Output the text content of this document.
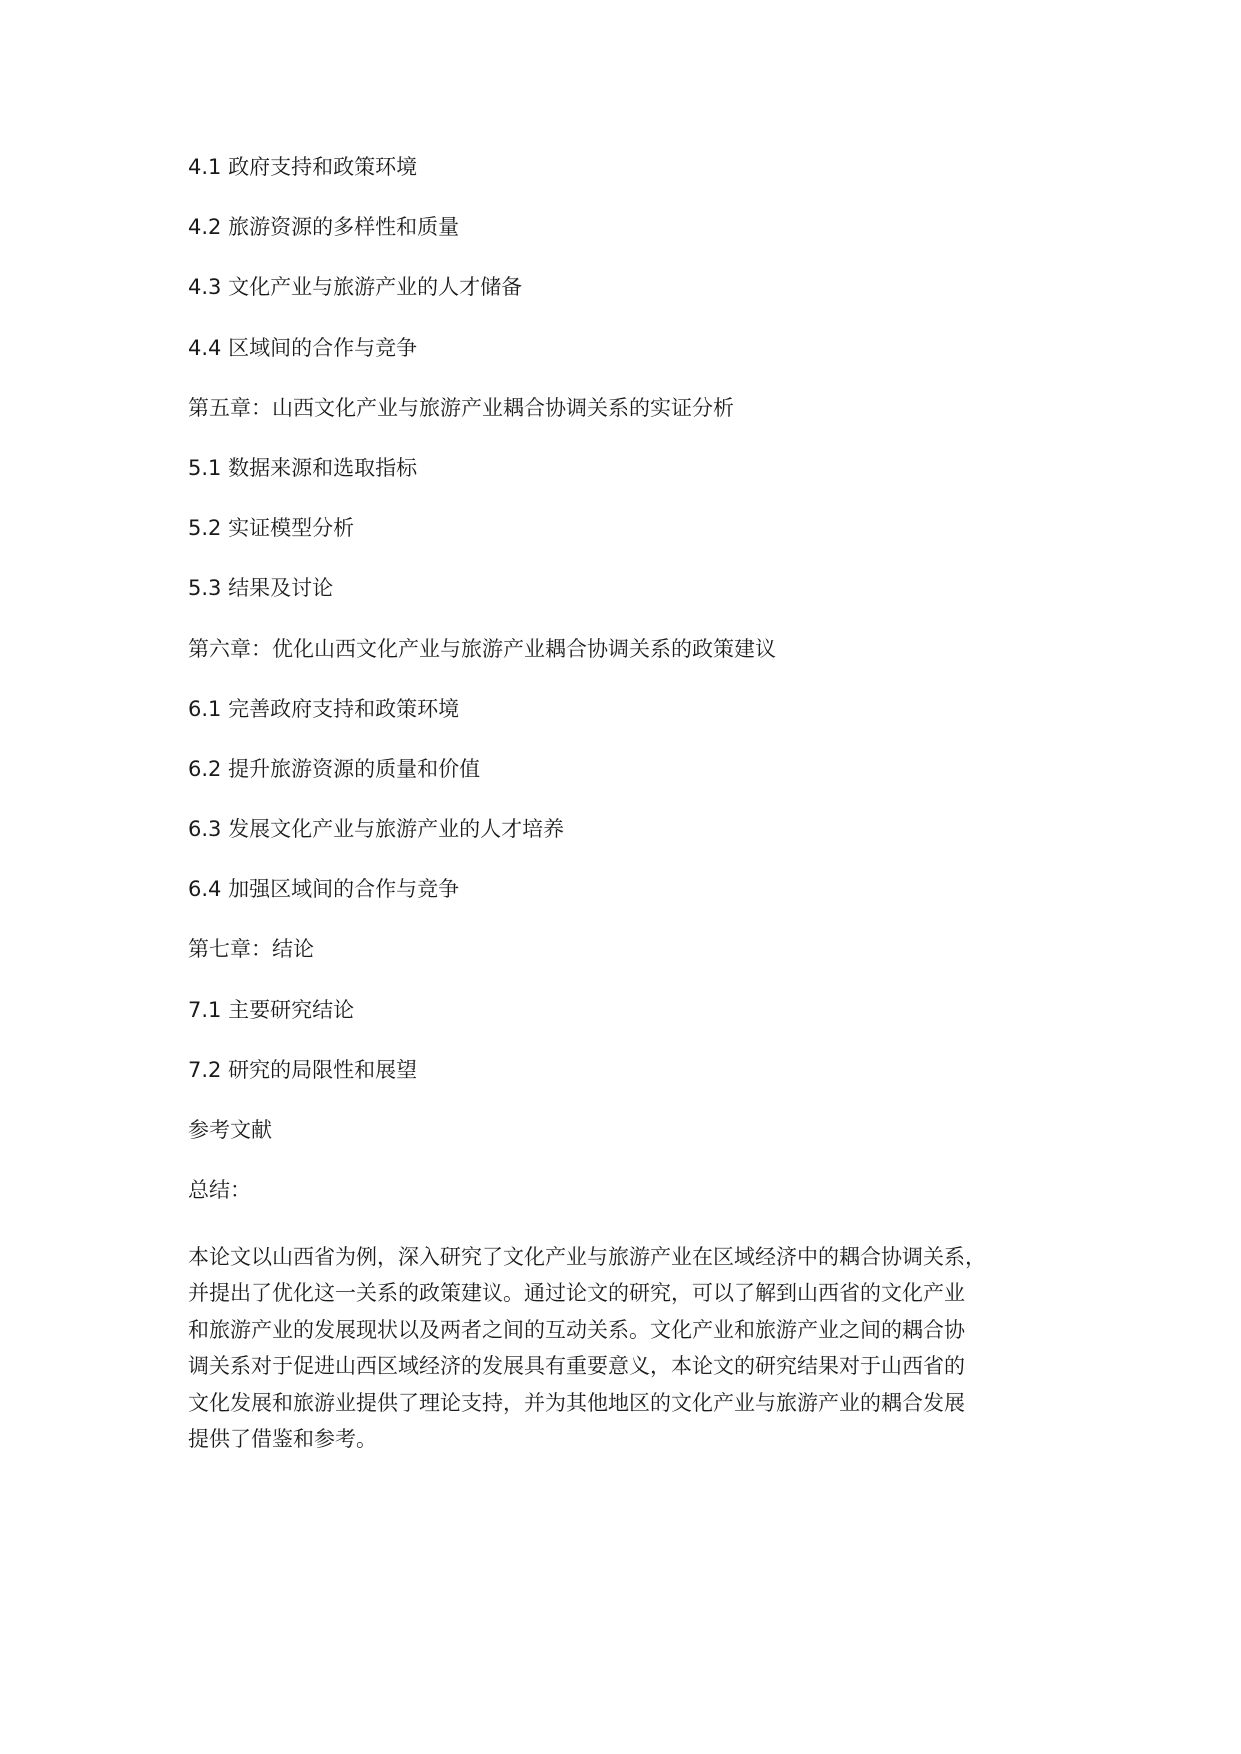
4.1 政府支持和政策环境
4.2 旅游资源的多样性和质量
4.3 文化产业与旅游产业的人才储备
4.4 区域间的合作与竞争
第五章：山西文化产业与旅游产业耦合协调关系的实证分析
5.1 数据来源和选取指标
5.2 实证模型分析
5.3 结果及讨论
第六章：优化山西文化产业与旅游产业耦合协调关系的政策建议
6.1 完善政府支持和政策环境
6.2 提升旅游资源的质量和价值
6.3 发展文化产业与旅游产业的人才培养
6.4 加强区域间的合作与竞争
第七章：结论
7.1 主要研究结论
7.2 研究的局限性和展望
参考文献
总结：

本论文以山西省为例，深入研究了文化产业与旅游产业在区域经济中的耦合协调关系，
并提出了优化这一关系的政策建议。通过论文的研究，可以了解到山西省的文化产业
和旅游产业的发展现状以及两者之间的互动关系。文化产业和旅游产业之间的耦合协
调关系对于促进山西区域经济的发展具有重要意义，本论文的研究结果对于山西省的
文化发展和旅游业提供了理论支持，并为其他地区的文化产业与旅游产业的耦合发展
提供了借鉴和参考。
